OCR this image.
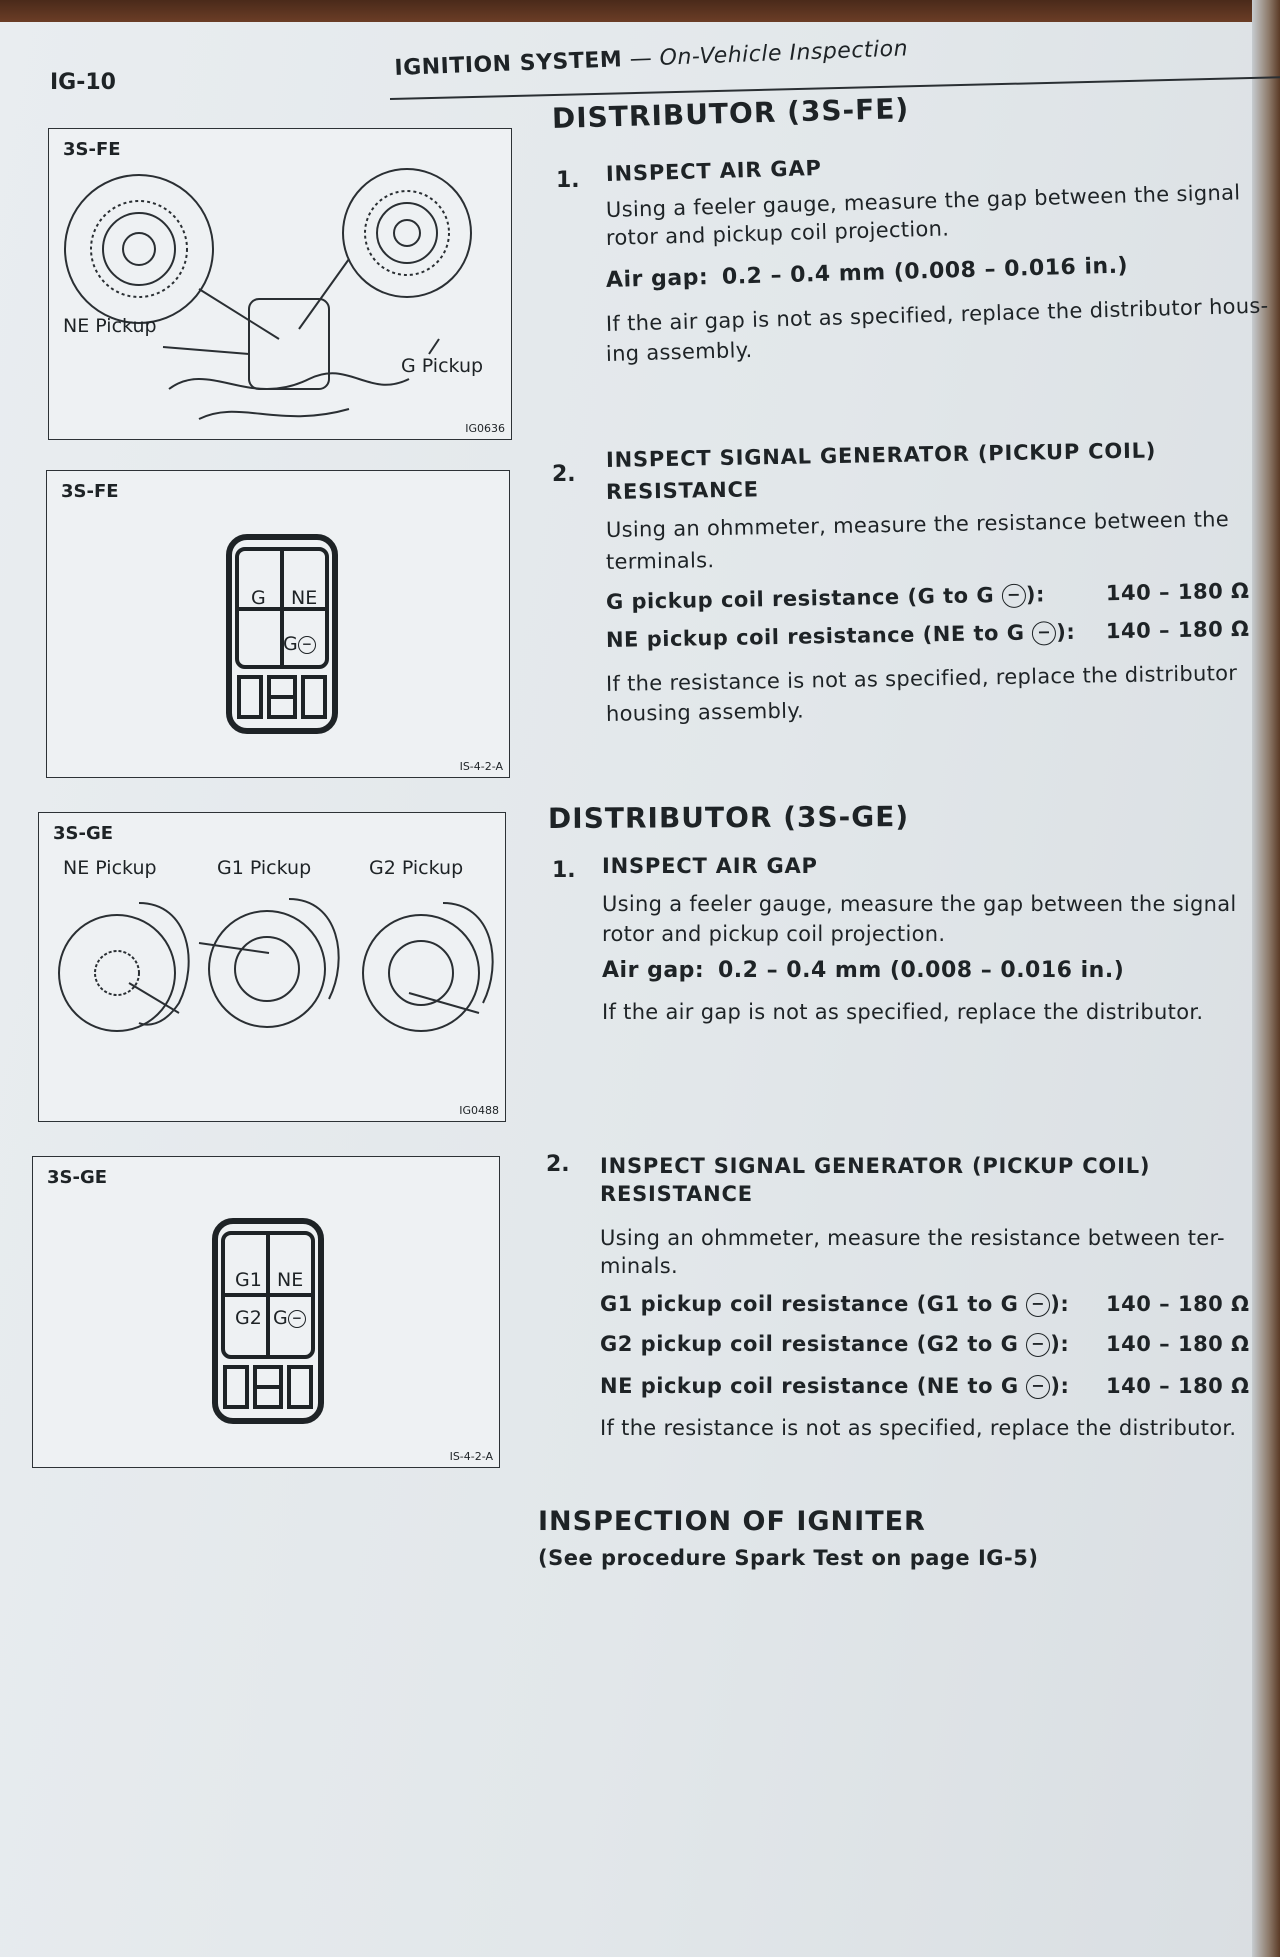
IG-10
IGNITION SYSTEM — On-Vehicle Inspection
3S-FE
NE Pickup
G Pickup
IG0636
3S-FE
G NE
G −
IS-4-2-A
3S-GE
NE Pickup	G1 Pickup	G2 Pickup
IG0488
3S-GE
G1 NE
G2 G −
IS-4-2-A
DISTRIBUTOR (3S-FE)
1. INSPECT AIR GAP
Using a feeler gauge, measure the gap between the signal
rotor and pickup coil projection.
Air gap: 0.2 – 0.4 mm (0.008 – 0.016 in.)
If the air gap is not as specified, replace the distributor hous-
ing assembly.
2.
INSPECT SIGNAL GENERATOR (PICKUP COIL)
RESISTANCE
Using an ohmmeter, measure the resistance between the
terminals.
G pickup coil resistance (G to G − ):	140 – 180 Ω
NE pickup coil resistance (NE to G − ): 140 – 180 Ω
If the resistance is not as specified, replace the distributor
housing assembly.
DISTRIBUTOR (3S-GE)
1. INSPECT AIR GAP
Using a feeler gauge, measure the gap between the signal
rotor and pickup coil projection.
Air gap: 0.2 – 0.4 mm (0.008 – 0.016 in.)
If the air gap is not as specified, replace the distributor.
2. INSPECT SIGNAL GENERATOR (PICKUP COIL)
RESISTANCE
Using an ohmmeter, measure the resistance between ter-
minals.
G1 pickup coil resistance (G1 to G − ): 140 – 180 Ω
G2 pickup coil resistance (G2 to G − ): 140 – 180 Ω
NE pickup coil resistance (NE to G − ): 140 – 180 Ω
If the resistance is not as specified, replace the distributor.
INSPECTION OF IGNITER
(See procedure Spark Test on page IG-5)
